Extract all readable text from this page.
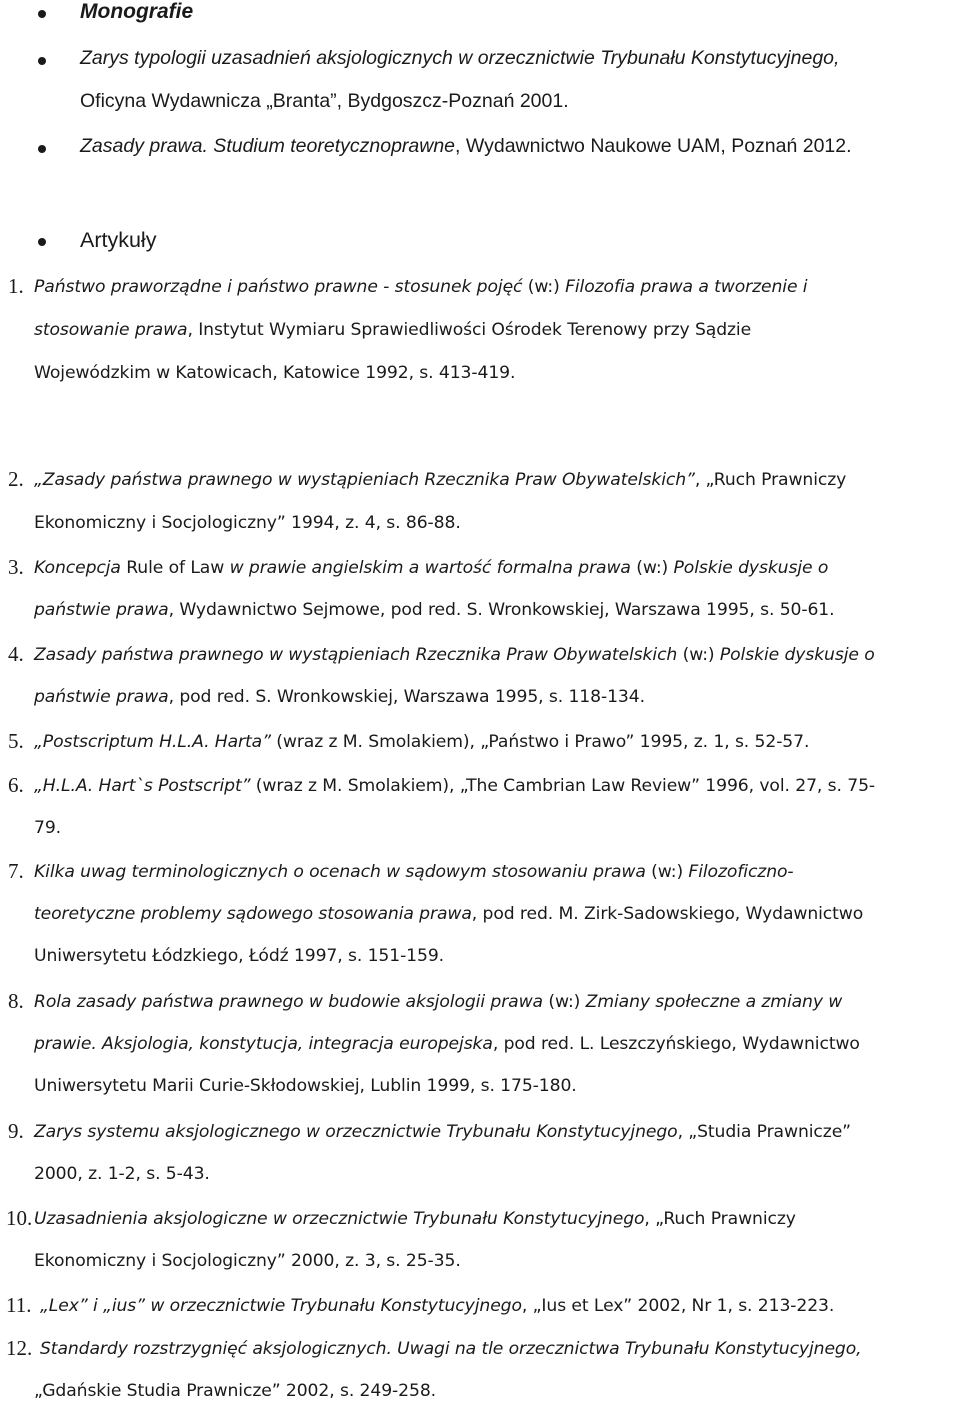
Monografie
Zarys typologii uzasadnień aksjologicznych w orzecznictwie Trybunału Konstytucyjnego,
Oficyna Wydawnicza „Branta”, Bydgoszcz-Poznań 2001.
Zasady prawa. Studium teoretycznoprawne, Wydawnictwo Naukowe UAM, Poznań 2012.
Artykuły
1. Państwo praworządne i państwo prawne - stosunek pojęć (w:) Filozofia prawa a tworzenie i
stosowanie prawa, Instytut Wymiaru Sprawiedliwości Ośrodek Terenowy przy Sądzie
Wojewódzkim w Katowicach, Katowice 1992, s. 413-419.
2. „Zasady państwa prawnego w wystąpieniach Rzecznika Praw Obywatelskich”, „Ruch Prawniczy
Ekonomiczny i Socjologiczny” 1994, z. 4, s. 86-88.
3. Koncepcja Rule of Law w prawie angielskim a wartość formalna prawa (w:) Polskie dyskusje o
państwie prawa, Wydawnictwo Sejmowe, pod red. S. Wronkowskiej, Warszawa 1995, s. 50-61.
4. Zasady państwa prawnego w wystąpieniach Rzecznika Praw Obywatelskich (w:) Polskie dyskusje o
państwie prawa, pod red. S. Wronkowskiej, Warszawa 1995, s. 118-134.
5. „Postscriptum H.L.A. Harta” (wraz z M. Smolakiem), „Państwo i Prawo” 1995, z. 1, s. 52-57.
6. „H.L.A. Hart`s Postscript” (wraz z M. Smolakiem), „The Cambrian Law Review” 1996, vol. 27, s. 75-
79.
7. Kilka uwag terminologicznych o ocenach w sądowym stosowaniu prawa (w:) Filozoficzno-
teoretyczne problemy sądowego stosowania prawa, pod red. M. Zirk-Sadowskiego, Wydawnictwo
Uniwersytetu Łódzkiego, Łódź 1997, s. 151-159.
8. Rola zasady państwa prawnego w budowie aksjologii prawa (w:) Zmiany społeczne a zmiany w
prawie. Aksjologia, konstytucja, integracja europejska, pod red. L. Leszczyńskiego, Wydawnictwo
Uniwersytetu Marii Curie-Skłodowskiej, Lublin 1999, s. 175-180.
9. Zarys systemu aksjologicznego w orzecznictwie Trybunału Konstytucyjnego, „Studia Prawnicze”
2000, z. 1-2, s. 5-43.
10. Uzasadnienia aksjologiczne w orzecznictwie Trybunału Konstytucyjnego, „Ruch Prawniczy
Ekonomiczny i Socjologiczny” 2000, z. 3, s. 25-35.
11. „Lex” i „ius” w orzecznictwie Trybunału Konstytucyjnego, „Ius et Lex” 2002, Nr 1, s. 213-223.
12. Standardy rozstrzygnięć aksjologicznych. Uwagi na tle orzecznictwa Trybunału Konstytucyjnego,
„Gdańskie Studia Prawnicze” 2002, s. 249-258.
